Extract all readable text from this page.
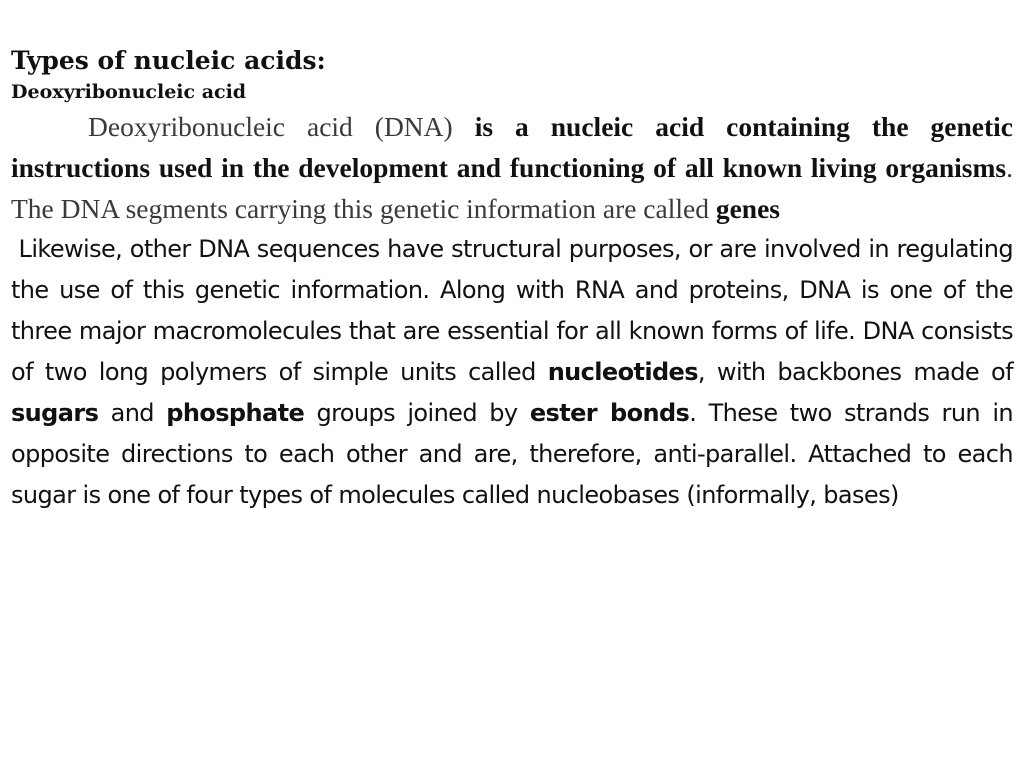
Types of nucleic acids:
Deoxyribonucleic acid

Deoxyribonucleic acid (DNA) is a nucleic acid containing the genetic instructions used in the development and functioning of all known living organisms. The DNA segments carrying this genetic information are called genes

Likewise, other DNA sequences have structural purposes, or are involved in regulating the use of this genetic information. Along with RNA and proteins, DNA is one of the three major macromolecules that are essential for all known forms of life. DNA consists of two long polymers of simple units called nucleotides, with backbones made of sugars and phosphate groups joined by ester bonds. These two strands run in opposite directions to each other and are, therefore, anti-parallel. Attached to each sugar is one of four types of molecules called nucleobases (informally, bases)
